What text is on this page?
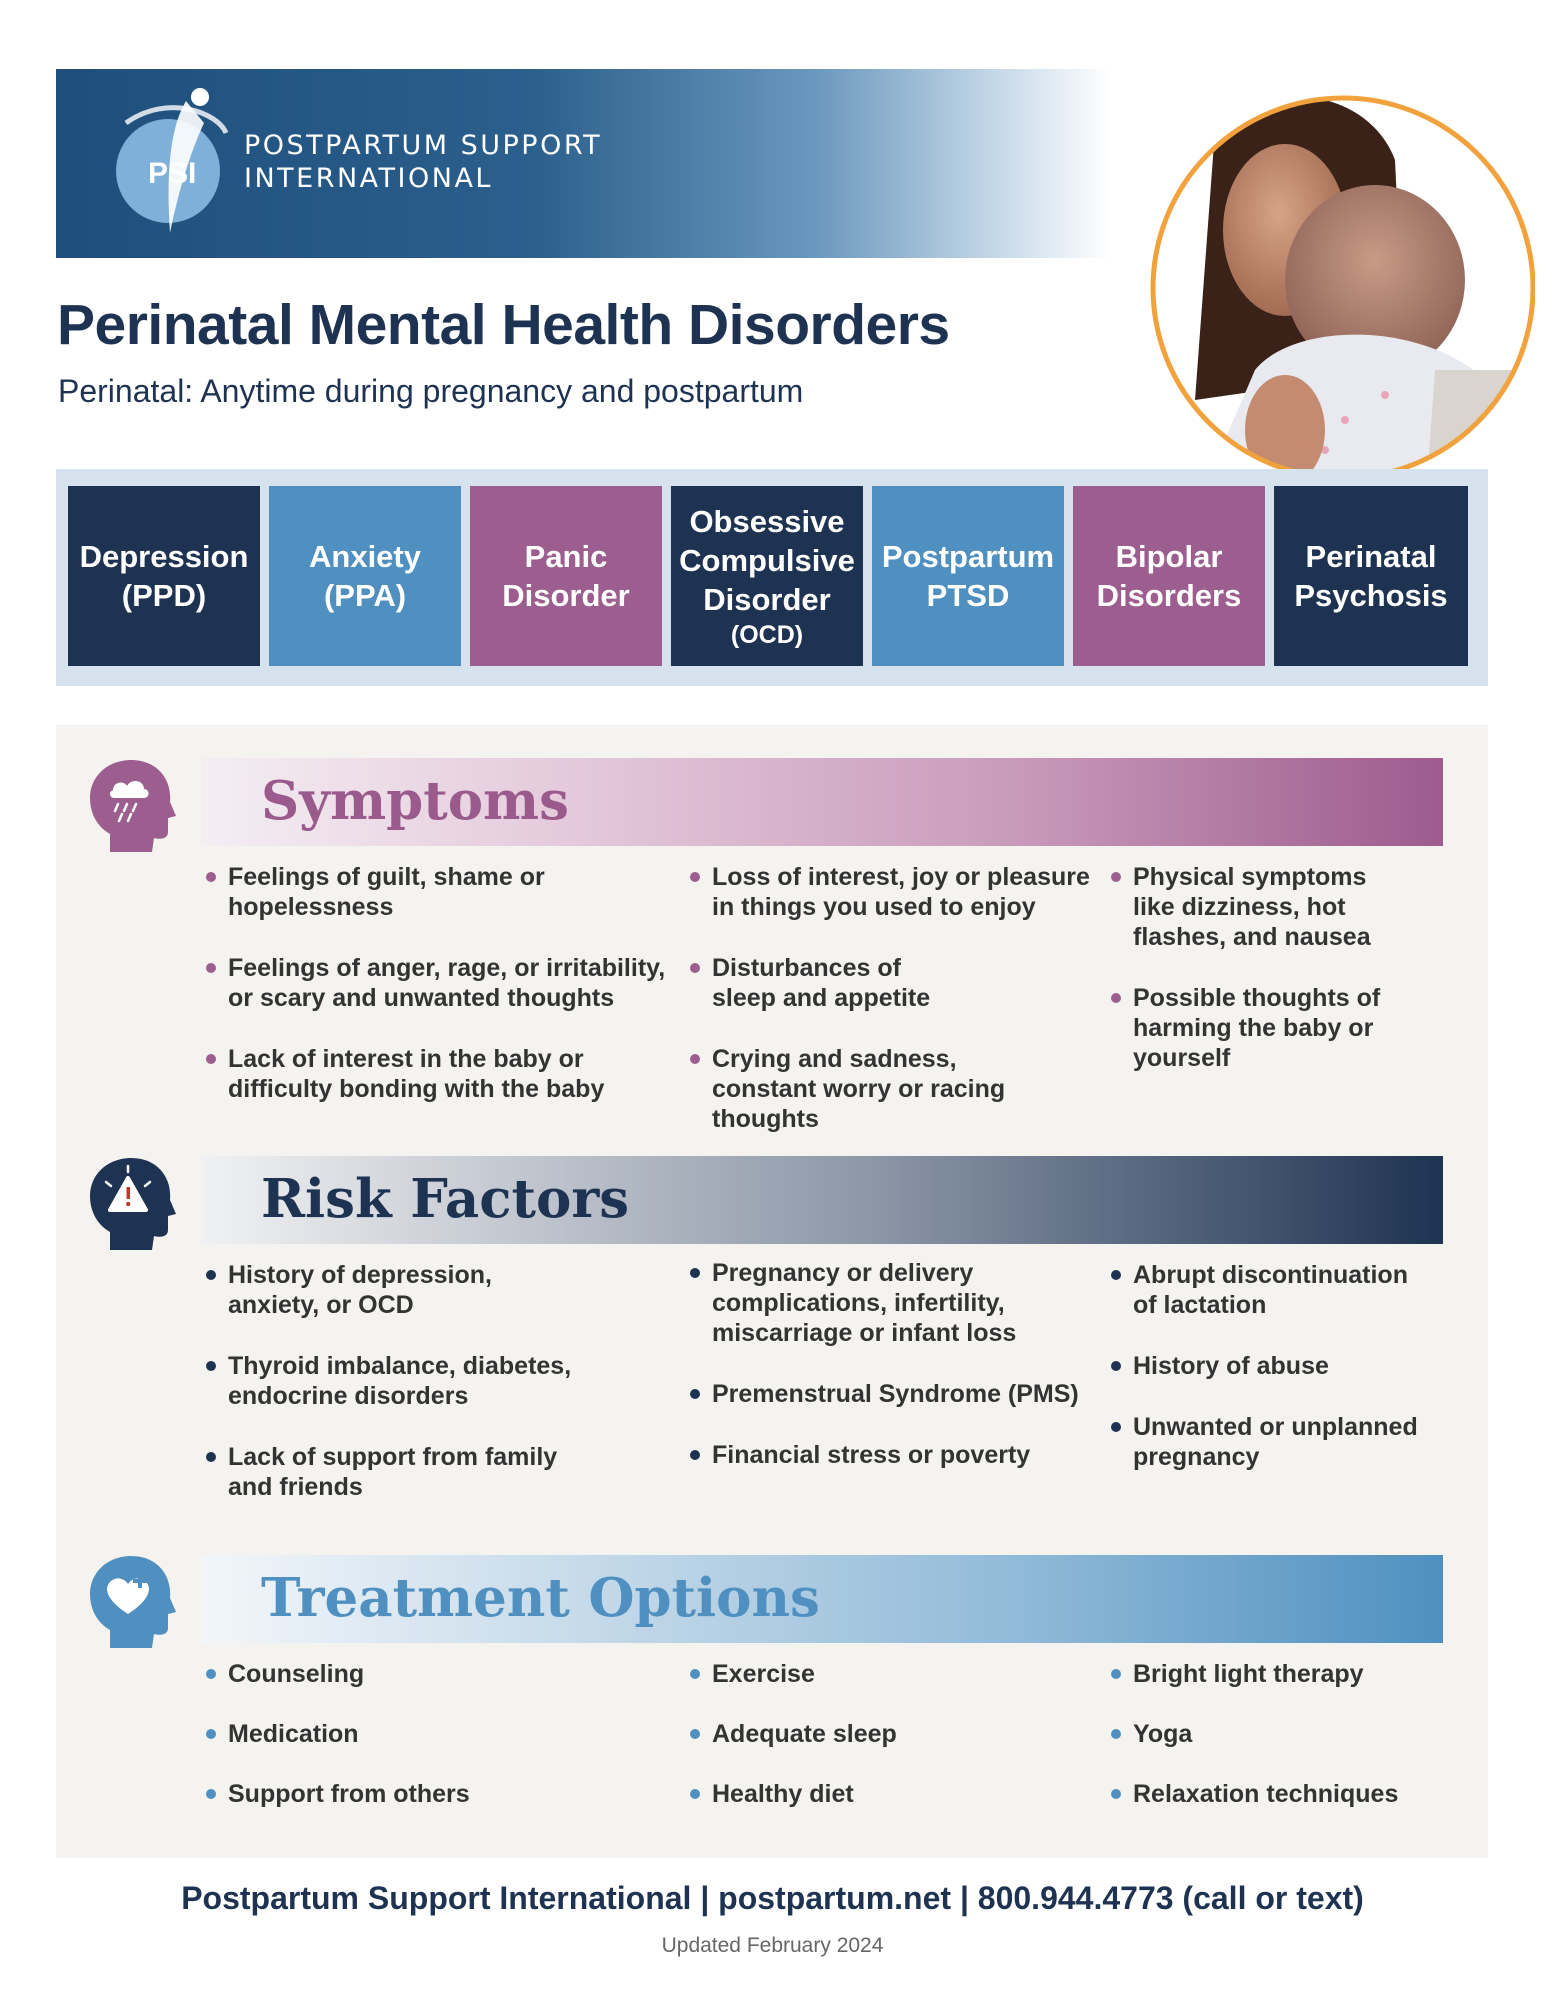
PSI
POSTPARTUM SUPPORT
INTERNATIONAL
Perinatal Mental Health Disorders
Perinatal: Anytime during pregnancy and postpartum
Depression
(PPD)
Anxiety
(PPA)
Panic
Disorder
Obsessive
Compulsive
Disorder
(OCD)
Postpartum
PTSD
Bipolar
Disorders
Perinatal
Psychosis
Symptoms
Feelings of guilt, shame or hopelessness
Feelings of anger, rage, or irritability, or scary and unwanted thoughts
Lack of interest in the baby or difficulty bonding with the baby
Loss of interest, joy or pleasure in things you used to enjoy
Disturbances of sleep and appetite
Crying and sadness, constant worry or racing thoughts
Physical symptoms like dizziness, hot flashes, and nausea
Possible thoughts of harming the baby or yourself
Risk Factors
History of depression, anxiety, or OCD
Thyroid imbalance, diabetes, endocrine disorders
Lack of support from family and friends
Pregnancy or delivery complications, infertility, miscarriage or infant loss
Premenstrual Syndrome (PMS)
Financial stress or poverty
Abrupt discontinuation of lactation
History of abuse
Unwanted or unplanned pregnancy
Treatment Options
Counseling
Medication
Support from others
Exercise
Adequate sleep
Healthy diet
Bright light therapy
Yoga
Relaxation techniques
Postpartum Support International | postpartum.net | 800.944.4773 (call or text)
Updated February 2024
